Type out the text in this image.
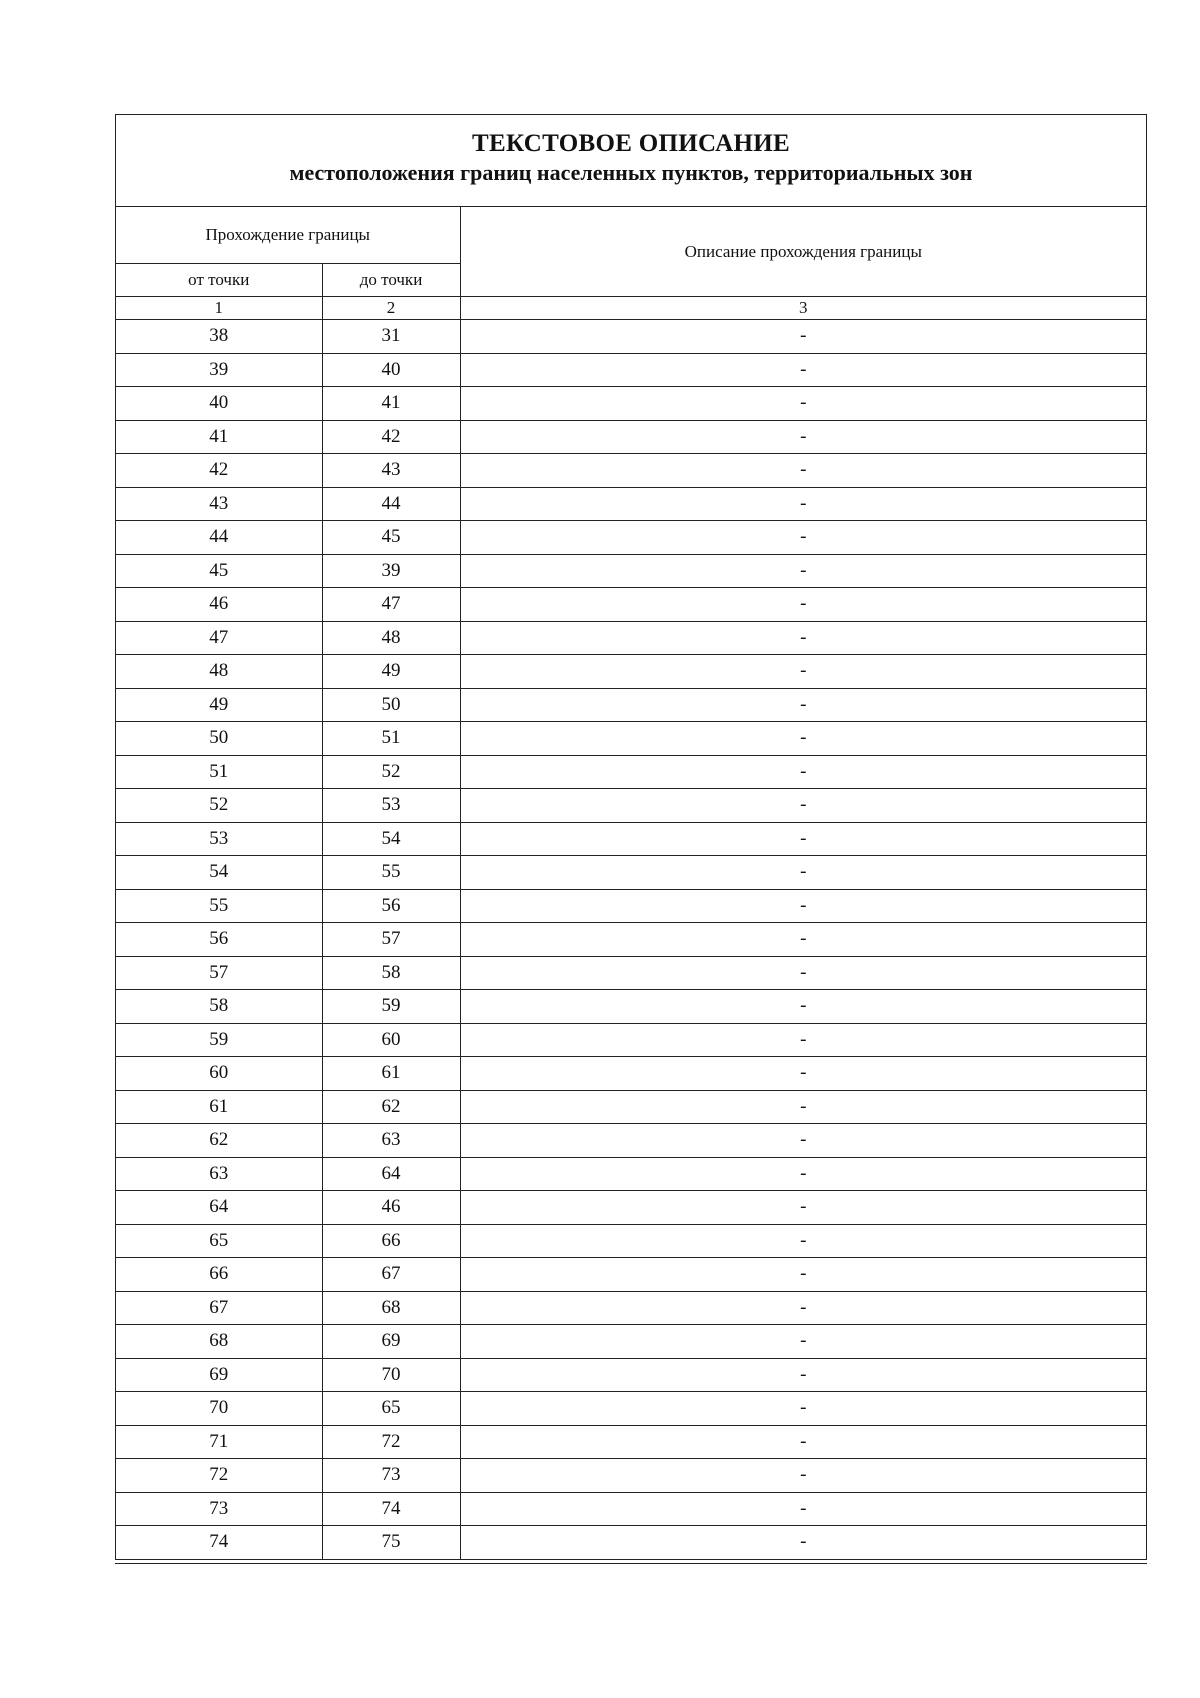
ТЕКСТОВОЕ ОПИСАНИЕ
местоположения границ населенных пунктов, территориальных зон
Прохождение границы		Описание прохождения границы
от точки	до точки	
1	2	3
38	31	-
39	40	-
40	41	-
41	42	-
42	43	-
43	44	-
44	45	-
45	39	-
46	47	-
47	48	-
48	49	-
49	50	-
50	51	-
51	52	-
52	53	-
53	54	-
54	55	-
55	56	-
56	57	-
57	58	-
58	59	-
59	60	-
60	61	-
61	62	-
62	63	-
63	64	-
64	46	-
65	66	-
66	67	-
67	68	-
68	69	-
69	70	-
70	65	-
71	72	-
72	73	-
73	74	-
74	75	-
